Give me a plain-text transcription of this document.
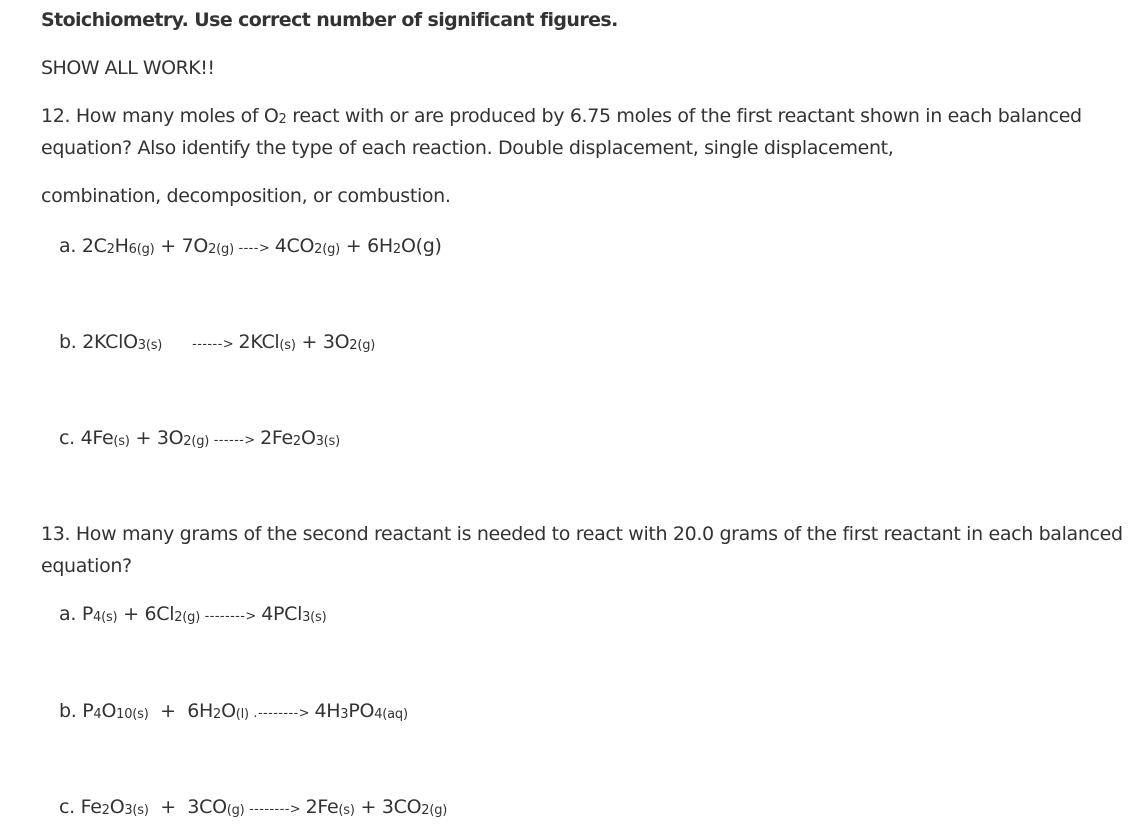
Stoichiometry. Use correct number of significant figures.
SHOW ALL WORK!!
12. How many moles of $O_2$ react with or are produced by 6.75 moles of the first reactant shown in each balanced
equation? Also identify the type of each reaction. Double displacement, single displacement,
combination, decomposition, or combustion.
a. $2C_2H_{6(g)} + 7O_{2(g)}$ ----> $4CO_{2(g)} + 6H_2O(g)$
b. 2KClO$_{3(s)}$ ------> $2KCl_{(s)} + 3O_{2(g)}$
c. $4Fe_{(s)} + 3O_{2(g)}$ ------> $2Fe_2O_{3(s)}$
13. How many grams of the second reactant is needed to react with 20.0 grams of the first reactant in each balanced
equation?
a. $P_{4(s)} + 6Cl_{2(g)}$ --------> 4PCl$_{3(s)}$
b. $P_4O_{10(s)} + 6H_2O_{(l)}$ .--------> $4H_3PO_{4(aq)}$
c. $Fe_2O_{3(s)} + 3CO_{(g)}$ --------> $2Fe_{(s)} + 3CO_{2(g)}$
